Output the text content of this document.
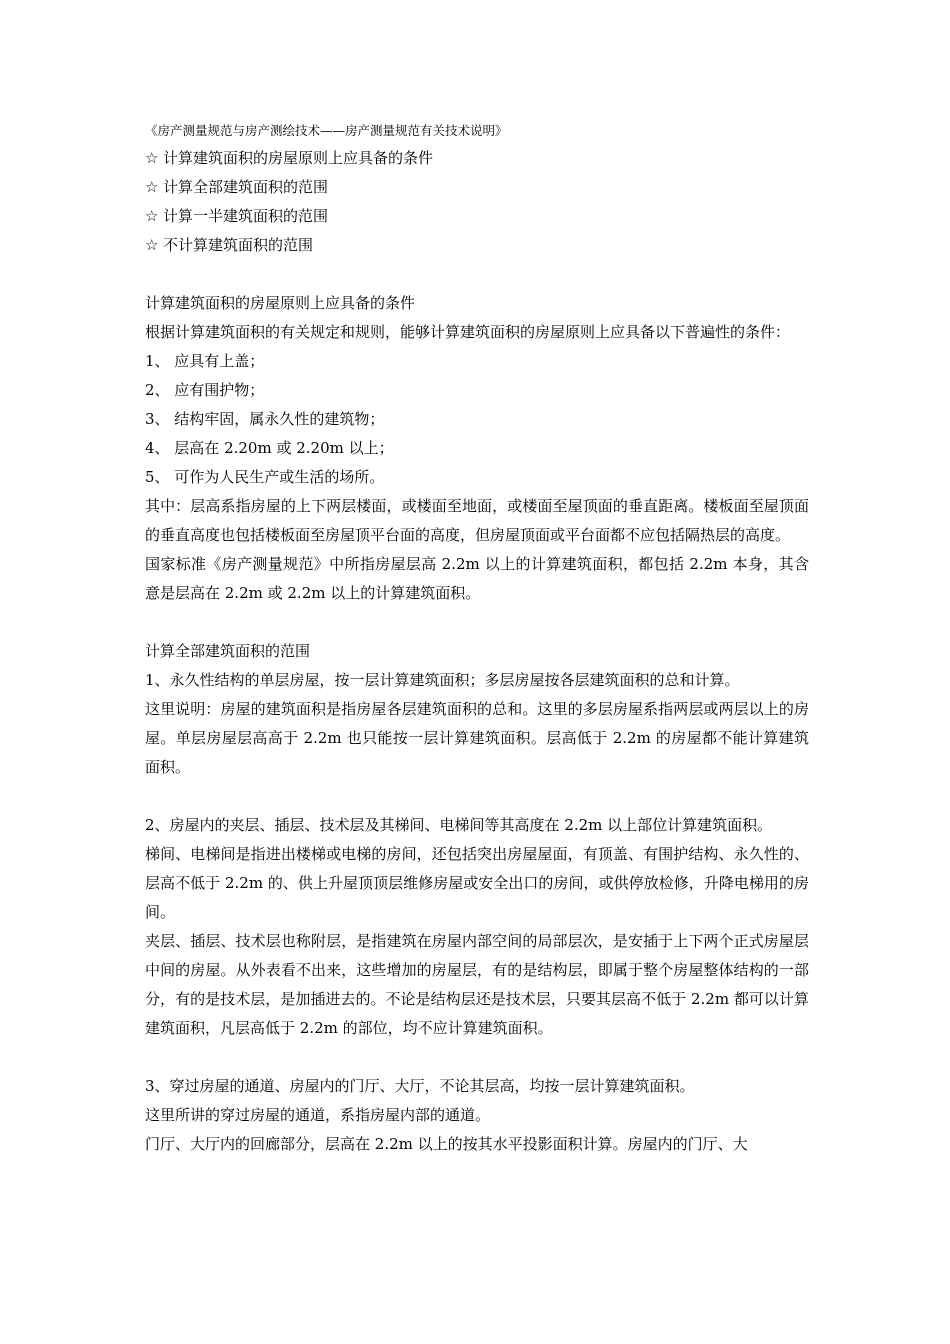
《房产测量规范与房产测绘技术——房产测量规范有关技术说明》
☆ 计算建筑面积的房屋原则上应具备的条件
☆ 计算全部建筑面积的范围
☆ 计算一半建筑面积的范围
☆ 不计算建筑面积的范围
计算建筑面积的房屋原则上应具备的条件
根据计算建筑面积的有关规定和规则，能够计算建筑面积的房屋原则上应具备以下普遍性的条件：
1、 应具有上盖；
2、 应有围护物；
3、 结构牢固，属永久性的建筑物；
4、 层高在 2.20m 或 2.20m 以上；
5、 可作为人民生产或生活的场所。
其中：层高系指房屋的上下两层楼面，或楼面至地面，或楼面至屋顶面的垂直距离。楼板面至屋顶面的垂直高度也包括楼板面至房屋顶平台面的高度，但房屋顶面或平台面都不应包括隔热层的高度。
国家标准《房产测量规范》中所指房屋层高 2.2m 以上的计算建筑面积，都包括 2.2m 本身，其含意是层高在 2.2m 或 2.2m 以上的计算建筑面积。
计算全部建筑面积的范围
1、永久性结构的单层房屋，按一层计算建筑面积；多层房屋按各层建筑面积的总和计算。
这里说明：房屋的建筑面积是指房屋各层建筑面积的总和。这里的多层房屋系指两层或两层以上的房屋。单层房屋层高高于 2.2m 也只能按一层计算建筑面积。层高低于 2.2m 的房屋都不能计算建筑面积。
2、房屋内的夹层、插层、技术层及其梯间、电梯间等其高度在 2.2m 以上部位计算建筑面积。
梯间、电梯间是指进出楼梯或电梯的房间，还包括突出房屋屋面，有顶盖、有围护结构、永久性的、层高不低于 2.2m 的、供上升屋顶顶层维修房屋或安全出口的房间，或供停放检修，升降电梯用的房间。
夹层、插层、技术层也称附层，是指建筑在房屋内部空间的局部层次，是安插于上下两个正式房屋层中间的房屋。从外表看不出来，这些增加的房屋层，有的是结构层，即属于整个房屋整体结构的一部分，有的是技术层，是加插进去的。不论是结构层还是技术层，只要其层高不低于 2.2m 都可以计算建筑面积，凡层高低于 2.2m 的部位，均不应计算建筑面积。
3、穿过房屋的通道、房屋内的门厅、大厅，不论其层高，均按一层计算建筑面积。
这里所讲的穿过房屋的通道，系指房屋内部的通道。
门厅、大厅内的回廊部分，层高在 2.2m 以上的按其水平投影面积计算。房屋内的门厅、大
